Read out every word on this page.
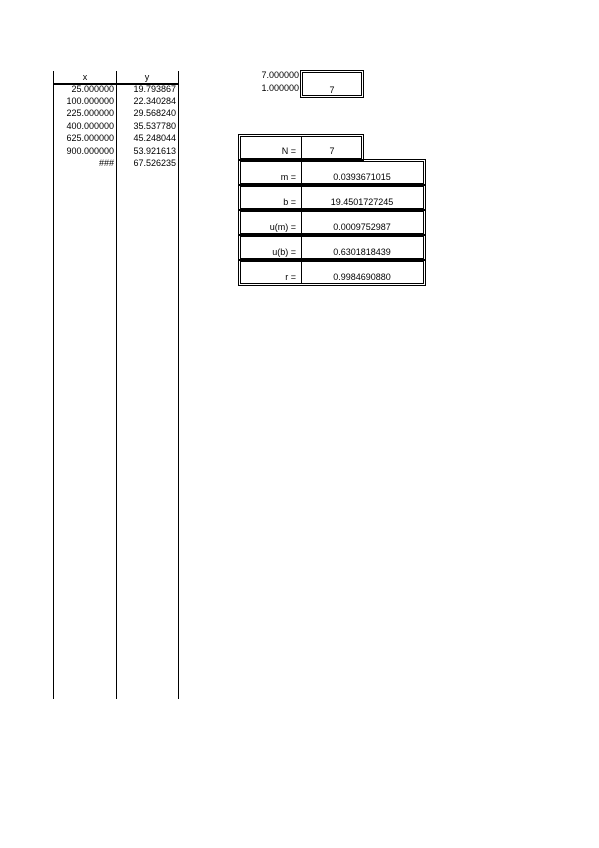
x	y
25.000000	19.793867
100.000000	22.340284
225.000000	29.568240
400.000000	35.537780
625.000000	45.248044
900.000000	53.921613
###	67.526235
7.000000
1.000000	7
N =	7
m =	0.0393671015
b =	19.4501727245
u(m) =	0.0009752987
u(b) =	0.6301818439
r =	0.9984690880
